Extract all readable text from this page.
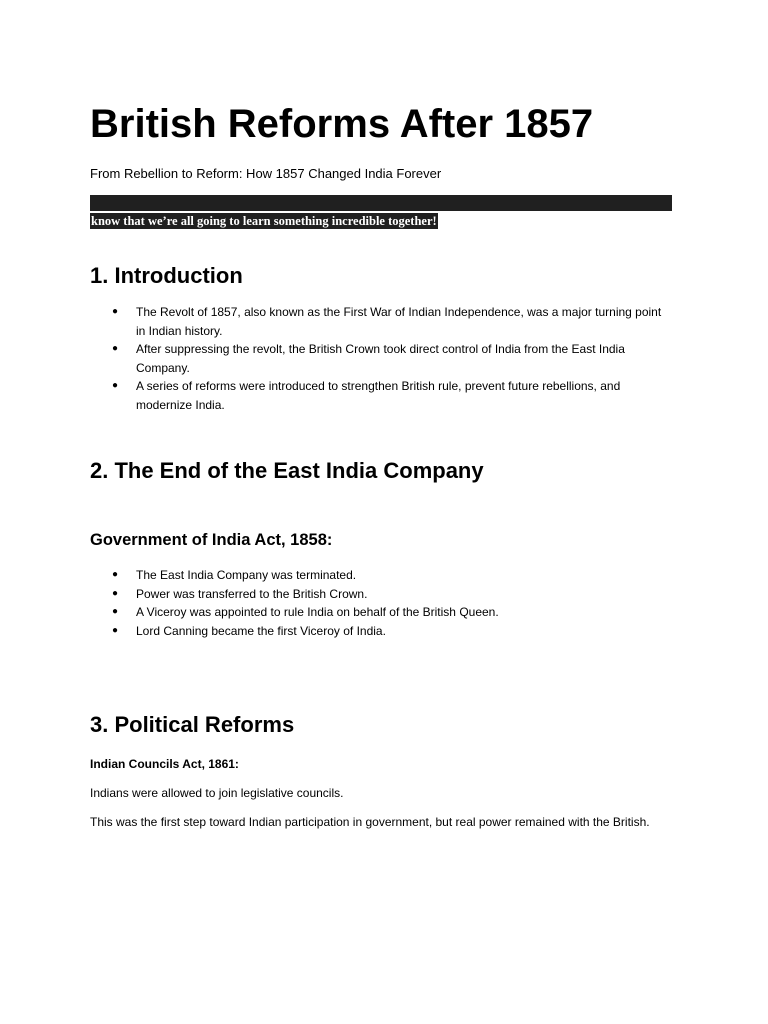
British Reforms After 1857

From Rebellion to Reform: How 1857 Changed India Forever

know that we’re all going to learn something incredible together!

1. Introduction
● The Revolt of 1857, also known as the First War of Indian Independence, was a major turning point in Indian history.
● After suppressing the revolt, the British Crown took direct control of India from the East India Company.
● A series of reforms were introduced to strengthen British rule, prevent future rebellions, and modernize India.
2. The End of the East India Company
Government of India Act, 1858:
● The East India Company was terminated.
● Power was transferred to the British Crown.
● A Viceroy was appointed to rule India on behalf of the British Queen.
● Lord Canning became the first Viceroy of India.
3. Political Reforms

Indian Councils Act, 1861:

Indians were allowed to join legislative councils.

This was the first step toward Indian participation in government, but real power remained with the British.
